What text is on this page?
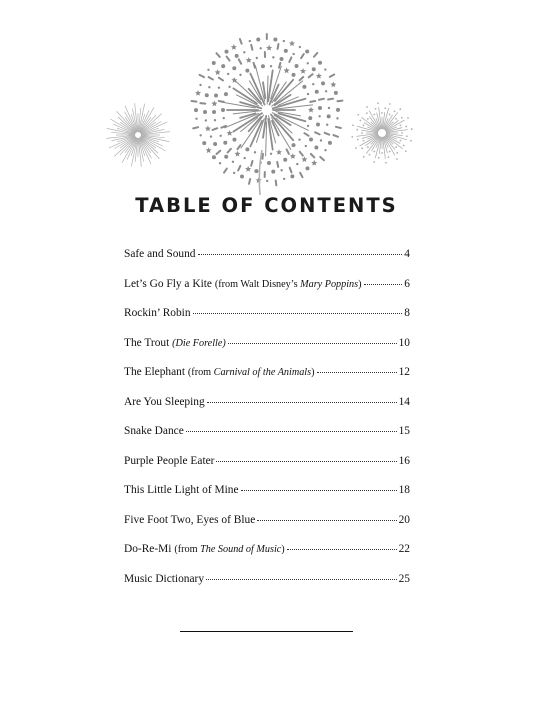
TABLE OF CONTENTS
Safe and Sound	4
Let’s Go Fly a Kite (from Walt Disney’s Mary Poppins)	6
Rockin’ Robin	8
The Trout (Die Forelle)	10
The Elephant (from Carnival of the Animals)	12
Are You Sleeping	14
Snake Dance	15
Purple People Eater	16
This Little Light of Mine	18
Five Foot Two, Eyes of Blue	20
Do-Re-Mi (from The Sound of Music)	22
Music Dictionary	25
